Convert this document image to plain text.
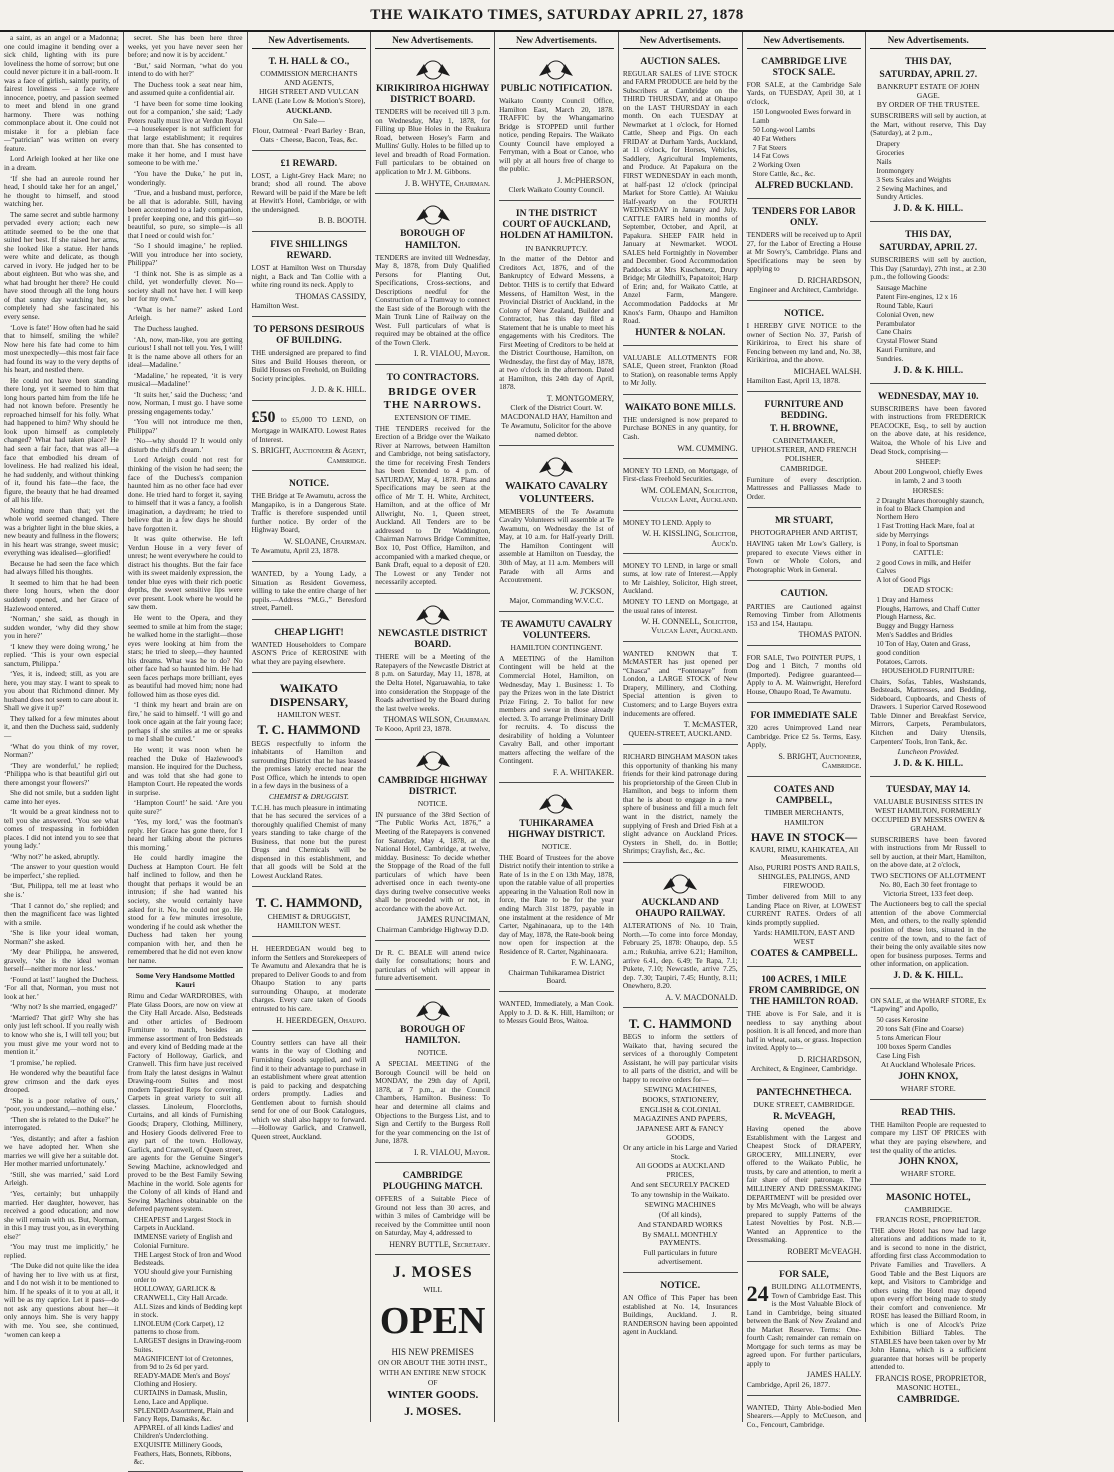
THE WAIKATO TIMES, SATURDAY APRIL 27, 1878

a saint, as an angel or a Madonna; one could imagine it bending over a sick child, lighting with its pure loveliness the home of sorrow; but one could never picture it in a ball-room. It was a face of girlish, saintly purity, of fairest loveliness — a face where innocence, poetry, and passion seemed to meet and blend in one grand harmony. There was nothing commonplace about it. One could not mistake it for a plebian face—“patrician” was written on every feature.

Lord Arleigh looked at her like one in a dream.

‘If she had an aureole round her head, I should take her for an angel,’ he thought to himself, and stood watching her.

The same secret and subtle harmony pervaded every action; each new attitude seemed to be the one that suited her best. If she raised her arms, she looked like a statue. Her hands were white and delicate, as though carved in ivory. He judged her to be about eighteen. But who was she, and what had brought her there? He could have stood through all the long hours of that sunny day watching her, so completely had she fascinated his every sense.

‘Love is fate!’ How often had he said that to himself, smiling the while? Now here his fate had come to him most unexpectedly—this most fair face had found its way to the very depths of his heart, and nestled there.

He could not have been standing there long, yet it seemed to him that long hours parted him from the life he had not known before. Presently he reproached himself for his folly. What had happened to him? Why should he look upon himself as completely changed? What had taken place? He had seen a fair face, that was all—a face that embodied his dream of loveliness. He had realized his ideal, he had suddenly, and without thinking of it, found his fate—the face, the figure, the beauty that he had dreamed of all his life.

Nothing more than that; yet the whole world seemed changed. There was a brighter light in the blue skies, a new beauty and fullness in the flowers; in his heart was strange, sweet music; everything was idealised—glorified!

Because he had seen the face which had always filled his thoughts.

It seemed to him that he had been there long hours, when the door suddenly opened, and her Grace of Hazlewood entered.

‘Norman,’ she said, as though in sudden wonder, ‘why did they show you in here?’

‘I knew they were doing wrong,’ he replied. ‘This is your own especial sanctum, Philippa.’

‘Yes, it is, indeed; still, as you are here, you may stay. I want to speak to you about that Richmond dinner. My husband does not seem to care about it. Shall we give it up?’

They talked for a few minutes about it, and then the Duchess said, suddenly—

‘What do you think of my rover, Norman?’

‘They are wonderful,’ he replied; ‘Philippa who is that beautiful girl out there amongst your flowers?’

She did not smile, but a sudden light came into her eyes.

‘It would be a great kindness not to tell you she answered. ‘You see what comes of trespassing in forbidden places. I did not intend you to see that young lady.’

‘Why not?’ he asked, abruptly.

‘The answer to your question would be imperfect,’ she replied.

‘But, Philippa, tell me at least who she is.’

‘That I cannot do,’ she replied; and then the magnificent face was lighted with a smile.

‘She is like your ideal woman, Norman?’ she asked.

‘My dear Philippa, he answered, gravely, ‘she is the ideal woman herself—neither more nor less.’

‘Found at last!’ laughed the Duchess. ‘For all that, Norman, you must not look at her.’

‘Why not? Is she married, engaged?’

‘Married? That girl? Why she has only just left school. If you really wish to know who she is, I will tell you; but you must give me your word not to mention it.’

‘I promise,’ he replied.

He wondered why the beautiful face grew crimson and the dark eyes drooped.

‘She is a poor relative of ours,’ ‘poor, you understand,—nothing else.’

‘Then she is related to the Duke?’ he interrogated.

‘Yes, distantly; and after a fashion we have adopted her. When she marries we will give her a suitable dot. Her mother married unfortunately.’

‘Still, she was married,’ said Lord Arleigh.

‘Yes, certainly; but unhappily married. Her daughter, however, has received a good education; and now she will remain with us. But, Norman, in this I may trust you, as in everything else?’

‘You may trust me implicitly,’ he replied.

‘The Duke did not quite like the idea of having her to live with us at first, and I do not wish it to be mentioned to him. If he speaks of it to you at all, it will be as my caprice. Let it pass—do not ask any questions about her—it only annoys him. She is very happy with me. You see, she continued, ‘women can keep a

secret. She has been here three weeks, yet you have never seen her before; and now it is by accident.’

‘But,’ said Norman, ‘what do you intend to do with her?’

The Duchess took a seat near him, and assumed quite a confidential air.

‘I have been for some time looking out for a companion,’ she said; ‘Lady Peters really must live at Verdun Royal—a housekeeper is not sufficient for that large establishment; it requires more than that. She has consented to make it her home, and I must have someone to be with me.’

‘You have the Duke,’ he put in, wonderingly.

‘True, and a husband must, perforce, be all that is adorable. Still, having been accustomed to a lady companion, I prefer keeping one, and this girl—so beautiful, so pure, so simple—is all that I need or could wish for.’

‘So I should imagine,’ he replied. ‘Will you introduce her into society, Philippa?’

‘I think not. She is as simple as a child, yet wonderfully clever. No—society shall not have her. I will keep her for my own.’

‘What is her name?’ asked Lord Arleigh.

The Duchess laughed.

‘Ah, now, man-like, you are getting curious! I shall not tell you. Yes, I will! It is the name above all others for an ideal—Madaline.’

‘Madaline,’ he repeated, ‘it is very musical—Madaline!’

‘It suits her,’ said the Duchess; ‘and now, Norman, I must go. I have some pressing engagements today.’

‘You will not introduce me then, Philippa?’

‘No—why should I? It would only disturb the child's dream.’

Lord Arleigh could not rest for thinking of the vision he had seen; the face of the Duchess's companion haunted him as no other face had ever done. He tried hard to forget it, saying to himself that it was a fancy, a foolish imagination, a daydream; he tried to believe that in a few days he should have forgotten it.

It was quite otherwise. He left Verdun House in a very fever of unrest; he went everywhere he could to distract his thoughts. But the fair face with its sweet maidenly expression, the tender blue eyes with their rich poetic depths, the sweet sensitive lips were ever present. Look where he would he saw them.

He went to the Opera, and they seemed to smile at him from the stage; he walked home in the starlight—those eyes were looking at him from the stars; he tried to sleep,—they haunted his dreams. What was he to do? No other face had so haunted him. He had seen faces perhaps more brilliant, eyes as beautiful had moved him; none had followed him as those eyes did.

‘I think my heart and brain are on fire,’ he said to himself. ‘I will go and look once again at the fair young face; perhaps if she smiles at me or speaks to me I shall be cured.’

He went; it was noon when he reached the Duke of Hazlewood's mansion. He inquired for the Duchess, and was told that she had gone to Hampton Court. He repeated the words in surprise.

‘Hampton Court!’ he said. ‘Are you quite sure?’

‘Yes, my lord,’ was the footman's reply. Her Grace has gone there, for I heard her talking about the pictures this morning.’

He could hardly imagine the Duchess at Hampton Court. He felt half inclined to follow, and then he thought that perhaps it would be an intrusion; if she had wanted his society, she would certainly have asked for it. No, he could not go. He stood for a few minutes irresolute, wondering if he could ask whether the Duchess had taken her young companion with her, and then he remembered that he did not even know her name.

Some Very Handsome Mottled Kauri
Rimu and Cedar WARDROBES, with Plate Glass Doors, are now on view at the City Hall Arcade. Also, Bedsteads and other articles of Bedroom Furniture to match, besides an immense assortment of Iron Bedsteads and every kind of Bedding made at the Factory of Holloway, Garlick, and Cranwell. This firm have just received from Italy the latest designs in Walnut Drawing-room Suites and most modern Tapestried Reps for covering. Carpets in great variety to suit all classes. Linoleum, Floorcloths, Curtains, and all kinds of Furnishing Goods; Drapery, Clothing, Millinery, and Hosiery Goods delivered Free to any part of the town. Holloway, Garlick, and Cranwell, of Queen street, are agents for the Genuine Singer's Sewing Machine, acknowledged and proved to be the Best Family Sewing Machine in the world. Sole agents for the Colony of all kinds of Hand and Sewing Machines obtainable on the deferred payment system.
CHEAPEST and Largest Stock in Carpets in Auckland.
IMMENSE variety of English and Colonial Furniture.
THE Largest Stock of Iron and Wood Bedsteads.
YOU should give your Furnishing order to
HOLLOWAY, GARLICK & CRANWELL, City Hall Arcade.
ALL Sizes and kinds of Bedding kept in stock.
LINOLEUM (Cork Carpet), 12 patterns to chose from.
LARGEST designs in Drawing-room Suites.
MAGNIFICENT lot of Cretonnes, from 9d to 2s 6d per yard.
READY-MADE Men's and Boys' Clothing and Hosiery.
CURTAINS in Damask, Muslin, Leno, Lace and Applique.
SPLENDID Assortment, Plain and Fancy Reps, Damasks, &c.
APPAREL of all kinds Ladies' and Children's Underclothing.
EXQUISITE Millinery Goods, Feathers, Hats, Bonnets, Ribbons, &c.
New Advertisements.
T. H. HALL & CO.,
COMMISSION MERCHANTS AND AGENTS,
HIGH STREET AND VULCAN LANE (Late Low & Motion's Store),
AUCKLAND.
On Sale—
Flour, Oatmeal · Pearl Barley · Bran, Oats · Cheese, Bacon, Teas, &c.
£1 REWARD.
LOST, a Light-Grey Hack Mare; no brand; shod all round. The above Reward will be paid if the Mare be left at Hewitt's Hotel, Cambridge, or with the undersigned.
B. B. BOOTH.
FIVE SHILLINGS REWARD.
LOST at Hamilton West on Thursday night, a Back and Tan Collie with a white ring round its neck. Apply to
THOMAS CASSIDY,
Hamilton West.
TO PERSONS DESIROUS OF BUILDING.
THE undersigned are prepared to find Sites and Build Houses thereon, or Build Houses on Freehold, on Building Society principles.
J. D. & K. HILL.
£50 to £5,000 TO LEND, on Mortgage in WAIKATO. Lowest Rates of Interest.
S. BRIGHT, Auctioneer & Agent, Cambridge.
NOTICE.
THE Bridge at Te Awamutu, across the Mangapiko, is in a Dangerous State. Traffic is therefore suspended until further notice. By order of the Highway Board,
W. SLOANE, Chairman.
Te Awamutu, April 23, 1878.
WANTED, by a Young Lady, a Situation as Resident Governess, willing to take the entire charge of her pupils.—Address “M.G.,” Beresford street, Parnell.
CHEAP LIGHT!
WANTED Householders to Compare ASON'S Price of KEROSINE with what they are paying elsewhere.
WAIKATO DISPENSARY,
HAMILTON WEST.
T. C. HAMMOND
BEGS respectfully to inform the inhabitants of Hamilton and surrounding District that he has leased the premises lately erected near the Post Office, which he intends to open in a few days in the business of a
CHEMIST & DRUGGIST.
T.C.H. has much pleasure in intimating that he has secured the services of a thoroughly qualified Chemist of many years standing to take charge of the Business, that none but the purest Drugs and Chemicals will be dispensed in this establishment, and that all goods will be Sold at the Lowest Auckland Rates.
T. C. HAMMOND,
CHEMIST & DRUGGIST,
HAMILTON WEST.
H. HEERDEGAN would beg to inform the Settlers and Storekeepers of Te Awamutu and Alexandra that he is prepared to Deliver Goods to and from Ohaupo Station to any parts surrounding Ohaupo, at moderate charges. Every care taken of Goods entrusted to his care.
H. HEERDEGEN, Ohaupo.
Country settlers can have all their wants in the way of Clothing and Furnishing Goods supplied, and will find it to their advantage to purchase in an establishment where great attention is paid to packing and despatching orders promptly. Ladies and Gentlemen about to furnish should send for one of our Book Catalogues, which we shall also happy to forward.—Holloway Garlick, and Cranwell, Queen street, Auckland.
New Advertisements.
KIRIKIRIROA HIGHWAY DISTRICT BOARD.
TENDERS will be received till 3 p.m. on Wednesday, May 1, 1878, for Filling up Blue Holes in the Ruakura Road, between Hosey's Farm and Mullins' Gully. Holes to be filled up to level and breadth of Road Formation. Full particulars to be obtained on application to Mr J. M. Gibbons.
J. B. WHYTE, Chairman.
BOROUGH OF HAMILTON.
TENDERS are invited till Wednesday, May 8, 1878, from Duly Qualified Persons for Planting Out, Specifications, Cross-sections, and Descriptions needful for the Construction of a Tramway to connect the East side of the Borough with the Main Trunk Line of Railway on the West. Full particulars of what is required may be obtained at the office of the Town Clerk.
I. R. VIALOU, Mayor.
TO CONTRACTORS.
BRIDGE OVER THE NARROWS.
EXTENSION OF TIME.
THE TENDERS received for the Erection of a Bridge over the Waikato River at Narrows, between Hamilton and Cambridge, not being satisfactory, the time for receiving Fresh Tenders has been Extended to 4 p.m. of SATURDAY, May 4, 1878. Plans and Specifications may be seen at the office of Mr T. H. White, Architect, Hamilton, and at the office of Mr Allwright, No. 1, Queen street, Auckland. All Tenders are to be addressed to Dr Waddington, Chairman Narrows Bridge Committee, Box 10, Post Office, Hamilton, and accompanied with a marked cheque, or Bank Draft, equal to a deposit of £20. The Lowest or any Tender not necessarily accepted.
NEWCASTLE DISTRICT BOARD.
THERE will be a Meeting of the Ratepayers of the Newcastle District at 8 p.m. on Saturday, May 11, 1878, at the Delta Hotel, Ngaruawahia, to take into consideration the Stoppage of the Roads advertised by the Board during the last twelve weeks.
THOMAS WILSON, Chairman.
Te Kooo, April 23, 1878.
CAMBRIDGE HIGHWAY DISTRICT.
NOTICE.
IN pursuance of the 38rd Section of “The Public Works Act, 1876,” a Meeting of the Ratepayers is convened for Saturday, May 4, 1878, at the National Hotel, Cambridge, at twelve, midday. Business: To decide whether the Stoppage of the Road of the full particulars of which have been advertised once in each twenty-one days during twelve consecutive weeks shall be proceeded with or not, in accordance with the above Act.
JAMES RUNCIMAN,
Chairman Cambridge Highway D.D.
Dr R. C. BEALE will attend twice daily for consultations; hours and particulars of which will appear in future advertisement.
BOROUGH OF HAMILTON.
NOTICE.
A SPECIAL MEETING of the Borough Council will be held on MONDAY, the 29th day of April, 1878, at 7 p.m., at the Council Chambers, Hamilton. Business: To hear and determine all claims and Objections to the Burgess List, and to Sign and Certify to the Burgess Roll for the year commencing on the 1st of June, 1878.
I. R. VIALOU, Mayor.
CAMBRIDGE PLOUGHING MATCH.
OFFERS of a Suitable Piece of Ground not less than 30 acres, and within 3 miles of Cambridge will be received by the Committee until noon on Saturday, May 4, addressed to
HENRY BUTTLE, Secretary.
J. MOSES
WILL
OPEN
HIS NEW PREMISES
ON OR ABOUT THE 30TH INST.,
WITH AN ENTIRE NEW STOCK
OF
WINTER GOODS.
J. MOSES.
New Advertisements.
PUBLIC NOTIFICATION.
Waikato County Council Office, Hamilton East, March 20, 1878. TRAFFIC by the Whangamarino Bridge is STOPPED until further notice, pending Repairs. The Waikato County Council have employed a Ferryman, with a Boat or Canoe, who will ply at all hours free of charge to the public.
J. McPHERSON,
Clerk Waikato County Council.
IN THE DISTRICT COURT OF AUCKLAND, HOLDEN AT HAMILTON.
IN BANKRUPTCY.
In the matter of the Debtor and Creditors Act, 1876, and of the Bankruptcy of Edward Messens, a Debtor. THIS is to certify that Edward Messens, of Hamilton West, in the Provincial District of Auckland, in the Colony of New Zealand, Builder and Contractor, has this day filed a Statement that he is unable to meet his engagements with his Creditors. The First Meeting of Creditors to be held at the District Courthouse, Hamilton, on Wednesday, the first day of May, 1878, at two o'clock in the afternoon. Dated at Hamilton, this 24th day of April, 1878.
T. MONTGOMERY,
Clerk of the District Court. W. MACDONALD HAY, Hamilton and Te Awamutu, Solicitor for the above named debtor.
WAIKATO CAVALRY VOLUNTEERS.
MEMBERS of the Te Awamutu Cavalry Volunteers will assemble at Te Awamutu, on Wednesday the 1st of May, at 10 a.m. for Half-yearly Drill. The Hamilton Contingent will assemble at Hamilton on Tuesday, the 30th of May, at 11 a.m. Members will Parade with all Arms and Accoutrement.
W. J'CKSON,
Major, Commanding W.V.C.C.
TE AWAMUTU CAVALRY VOLUNTEERS.
HAMILTON CONTINGENT.
A MEETING of the Hamilton Contingent will be held at the Commercial Hotel, Hamilton, on Wednesday, May 1. Business: 1. To pay the Prizes won in the late District Prize Firing. 2. To ballot for new members and swear in those already elected. 3. To arrange Preliminary Drill for recruits. 4. To discuss the desirability of holding a Volunteer Cavalry Ball, and other important matters affecting the welfare of the Contingent.
F. A. WHITAKER.
TUHIKARAMEA HIGHWAY DISTRICT.
NOTICE.
THE Board of Trustees for the above District notify their intention to strike a Rate of 1s in the £ on 13th May, 1878, upon the ratable value of all properties appearing in the Valuation Roll now in force, the Rate to be for the year ending March 31st 1879, payable in one instalment at the residence of Mr Carter, Ngahinaoara, up to the 14th day of May, 1878, the Rate-book being now open for inspection at the Residence of R. Carter, Ngahinaoara.
F. W. LANG,
Chairman Tuhikaramea District Board.
WANTED, Immediately, a Man Cook. Apply to J. D. & K. Hill, Hamilton; or to Messrs Gould Bros, Waitoa.
New Advertisements.
AUCTION SALES.
REGULAR SALES of LIVE STOCK and FARM PRODUCE are held by the Subscribers at Cambridge on the THIRD THURSDAY, and at Ohaupo on the LAST THURSDAY in each month. On each TUESDAY at Newmarket at 1 o'clock, for Horned Cattle, Sheep and Pigs. On each FRIDAY at Durham Yards, Auckland, at 11 o'clock, for Horses, Vehicles, Saddlery, Agricultural Implements, and Produce. At Papakura on the FIRST WEDNESDAY in each month, at half-past 12 o'clock (principal Market for Store Cattle). At Waiuku Half-yearly on the FOURTH WEDNESDAY in January and July. CATTLE FAIRS held in months of September, October, and April, at Papakura. SHEEP FAIR held in January at Newmarket. WOOL SALES held Fortnightly in November and December. Good Accommodation Paddocks at Mrs Kuschenetz, Drury Bridge; Mr Gledhill's, Papatoitoi; Harp of Erin; and, for Waikato Cattle, at Anzel Farm, Mangere. Accommodation Paddocks at Mr Knox's Farm, Ohaupo and Hamilton Road.
HUNTER & NOLAN.
VALUABLE ALLOTMENTS FOR SALE, Queen street, Frankton (Road to Station), on reasonable terms Apply to Mr Jolly.
WAIKATO BONE MILLS.
THE undersigned is now prepared to Purchase BONES in any quantity, for Cash.
WM. CUMMING.
MONEY TO LEND, on Mortgage, of First-class Freehold Securities.
WM. COLEMAN, Solicitor, Vulcan Lane, Auckland.
MONEY TO LEND. Apply to
W. H. KISSLING, Solicitor, Auck'd.
MONEY TO LEND, in large or small sums, at low rate of Interest.—Apply to Mr Laishley, Solicitor, High street, Auckland.
MONEY TO LEND on Mortgage, at the usual rates of interest.
W. H. CONNELL, Solicitor, Vulcan Lane, Auckland.
WANTED KNOWN that T. McMASTER has just opened per “Chasca” and “Fontenaye” from London, a LARGE STOCK of New Drapery, Millinery, and Clothing. Special attention is given to Customers; and to Large Buyers extra inducements are offered.
T. McMASTER,
QUEEN-STREET, AUCKLAND.
RICHARD BINGHAM MASON takes this opportunity of thanking his many friends for their kind patronage during his proprietorship of the Green Club in Hamilton, and begs to inform them that he is about to engage in a new sphere of business and fill a much felt want in the district, namely the supplying of Fresh and Dried Fish at a slight advance on Auckland Prices. Oysters in Shell, do. in Bottle; Shrimps; Crayfish, &c., &c.
AUCKLAND AND OHAUPO RAILWAY.
ALTERATIONS of No. 10 Train, North.—To come into force Monday, February 25, 1878: Ohaupo, dep. 5.5 a.m.; Rukuhia, arrive 6.21; Hamilton, arrive 6.41, dep. 6.49; Te Rapa, 7.1; Pukete, 7.10; Newcastle, arrive 7.25, dep. 7.30; Taupiri, 7.45; Huntly, 8.11; Onewhero, 8.20.
A. V. MACDONALD.
T. C. HAMMOND
BEGS to inform the settlers of Waikato that, having secured the services of a thoroughly Competent Assistant, he will pay particular visits to all parts of the district, and will be happy to receive orders for—
SEWING MACHINES,
BOOKS, STATIONERY,
ENGLISH & COLONIAL MAGAZINES AND PAPERS,
JAPANESE ART & FANCY GOODS,
Or any article in his Large and Varied Stock.
All GOODS at AUCKLAND PRICES,
And sent SECURELY PACKED
To any township in the Waikato.
SEWING MACHINES
(Of all kinds),
And STANDARD WORKS
By SMALL MONTHLY PAYMENTS.
Full particulars in future advertisement.
NOTICE.
AN Office of This Paper has been established at No. 14, Insurances Buildings, Auckland. J. R. RANDERSON having been appointed agent in Auckland.
New Advertisements.
CAMBRIDGE LIVE STOCK SALE.
FOR SALE, at the Cambridge Sale Yards, on TUESDAY, April 30, at 1 o'clock,
150 Longwooled Ewes forward in Lamb
50 Long-wool Lambs
40 Fat Wethers
7 Fat Steers
14 Fat Cows
2 Working Oxen
Store Cattle, &c., &c.
ALFRED BUCKLAND.
TENDERS FOR LABOR ONLY.
TENDERS will be received up to April 27, for the Labor of Erecting a House at Mr Sowry's, Cambridge. Plans and Specifications may be seen by applying to
D. RICHARDSON,
Engineer and Architect, Cambridge.
NOTICE.
I HEREBY GIVE NOTICE to the owner of Section No. 37, Parish of Kirikiriroa, to Erect his share of Fencing between my land and, No. 38, Kirikiriroa, and the above.
MICHAEL WALSH.
Hamilton East, April 13, 1878.
FURNITURE AND BEDDING.
T. H. BROWNE,
CABINETMAKER, UPHOLSTERER, AND FRENCH POLISHER,
CAMBRIDGE.
Furniture of every description. Mattresses and Palliasses Made to Order.
MR STUART,
PHOTOGRAPHER AND ARTIST,
HAVING taken Mr Low's Gallery, is prepared to execute Views either in Town or Whole Colors, and Photographic Work in General.
CAUTION.
PARTIES are Cautioned against Removing Timber from Allotments 153 and 154, Hautapu.
THOMAS PATON.
FOR SALE, Two POINTER PUPS, 1 Dog and 1 Bitch, 7 months old (Imported). Pedigree guaranteed—Apply to A. M. Wainwright, Hereford House, Ohaupo Road, Te Awamutu.
FOR IMMEDIATE SALE
320 acres Unimproved Land near Cambridge. Price £2 5s. Terms, Easy. Apply,
S. BRIGHT, Auctioneer, Cambridge.
COATES AND CAMPBELL,
TIMBER MERCHANTS,
HAMILTON
HAVE IN STOCK—
KAURI, RIMU, KAHIKATEA, All Measurements.
Also, PURIRI POSTS AND RAILS, SHINGLES, PALINGS, AND FIREWOOD.
Timber delivered from Mill to any Landing Place on River, at LOWEST CURRENT RATES. Orders of all kinds promptly supplied.
Yards: HAMILTON, EAST AND WEST
COATES & CAMPBELL.
100 ACRES, 1 MILE FROM CAMBRIDGE, ON THE HAMILTON ROAD.
THE above is For Sale, and it is needless to say anything about position. It is all fenced, and more than half in wheat, oats, or grass. Inspection invited. Apply to—
D. RICHARDSON,
Architect, & Engineer, Cambridge.
PANTECHNETHECA.
DUKE STREET, CAMBRIDGE.
R. McVEAGH,
Having opened the above Establishment with the Largest and Cheapest Stock of DRAPERY, GROCERY, MILLINERY, ever offered to the Waikato Public, he trusts, by care and attention, to merit a fair share of their patronage. The MILLINERY AND DRESSMAKING DEPARTMENT will be presided over by Mrs McVeagh, who will be always prepared to supply Patterns of the Latest Novelties by Post. N.B.—Wanted an Apprentice to the Dressmaking.
ROBERT McVEAGH.
FOR SALE,
24 BUILDING ALLOTMENTS, Town of Cambridge East. This is the Most Valuable Block of Land in Cambridge, being situated between the Bank of New Zealand and the Market Reserve. Terms: One-fourth Cash; remainder can remain on Mortgage for such terms as may be agreed upon. For further particulars, apply to
JAMES HALLY.
Cambridge, April 26, 1877.
WANTED, Thirty Able-bodied Men Shearers.—Apply to McCueson, and Co., Fencourt, Cambridge.
New Advertisements.
THIS DAY,
SATURDAY, APRIL 27.
BANKRUPT ESTATE OF JOHN GAGE.
BY ORDER OF THE TRUSTEE.
SUBSCRIBERS will sell by auction, at the Mart, without reserve, This Day (Saturday), at 2 p.m.,
Drapery
Groceries
Nails
Ironmongery
3 Sets Scales and Weights
2 Sewing Machines, and
Sundry Articles.
J. D. & K. HILL.
THIS DAY,
SATURDAY, APRIL 27.
SUBSCRIBERS will sell by auction, This Day (Saturday), 27th inst., at 2.30 p.m., the following Goods:
Sausage Machine
Patent Fire-engines, 12 x 16
Round Table, Kauri
Colonial Oven, new
Perambulator
Cane Chairs
Crystal Flower Stand
Kauri Furniture, and
Sundries.
J. D. & K. HILL.
WEDNESDAY, MAY 10.
SUBSCRIBERS have been favored with instructions from FREDERICK PEACOCKE, Esq., to sell by auction on the above date, at his residence, Waitoa, the Whole of his Live and Dead Stock, comprising—
SHEEP:
About 200 Longwool, chiefly Ewes in lamb, 2 and 3 tooth
HORSES:
2 Draught Mares thoroughly staunch, in foal to Black Champion and Northern Hero
1 Fast Trotting Hack Mare, foal at side by Merryings
1 Pony, in foal to Sportsman
CATTLE:
2 good Cows in milk, and Heifer Calves
A lot of Good Pigs
DEAD STOCK:
1 Dray and Harness
Ploughs, Harrows, and Chaff Cutter
Plough Harness, &c.
Buggy and Buggy Harness
Men's Saddles and Bridles
10 Ton of Hay, Oaten and Grass, good condition
Potatoes, Carrots.
HOUSEHOLD FURNITURE:
Chairs, Sofas, Tables, Washstands, Bedsteads, Mattresses, and Bedding, Sideboard, Cupboards, and Chests of Drawers. 1 Superior Carved Rosewood Table Dinner and Breakfast Service, Mirrors, Carpets, Perambulators, Kitchen and Dairy Utensils, Carpenters' Tools, Iron Tank, &c.
Luncheon Provided.
J. D. & K. HILL.
TUESDAY, MAY 14.
VALUABLE BUSINESS SITES IN WEST HAMILTON, FORMERLY OCCUPIED BY MESSRS OWEN & GRAHAM.
SUBSCRIBERS have been favored with instructions from Mr Russell to sell by auction, at their Mart, Hamilton, on the above date, at 2 o'clock,
TWO SECTIONS OF ALLOTMENT No. 80, Each 30 feet frontage to Victoria Street, 133 feet deep.
The Auctioneers beg to call the special attention of the above Commercial Men, and others, to the really splendid position of these lots, situated in the centre of the town, and to the fact of their being the only available sites now open for business purposes. Terms and other information, on application.
J. D. & K. HILL.
ON SALE, at the WHARF STORE, Ex “Lapwing” and Apollo,
50 cases Kerosine
20 tons Salt (Fine and Coarse)
5 tons American Flour
100 boxes Sperm Candles
Case Ling Fish
At Auckland Wholesale Prices.
JOHN KNOX,
WHARF STORE.
READ THIS.
THE Hamilton People are requested to compare my LIST OF PRICES with what they are paying elsewhere, and test the quality of the articles.
JOHN KNOX,
WHARF STORE.
MASONIC HOTEL,
CAMBRIDGE.
FRANCIS ROSE, PROPRIETOR.
THE above Hotel has now had large alterations and additions made to it, and is second to none in the district, affording first class Accommodation to Private Families and Travellers. A Good Table and the Best Liquors are kept, and Visitors to Cambridge and others using the Hotel may depend upon every effort being made to study their comfort and convenience. Mr ROSE has leased the Billiard Room, in which is one of Alcock's Prize Exhibition Billiard Tables. The STABLES have been taken over by Mr John Hanna, which is a sufficient guarantee that horses will be properly attended to.
FRANCIS ROSE, PROPRIETOR,
MASONIC HOTEL,
CAMBRIDGE.
